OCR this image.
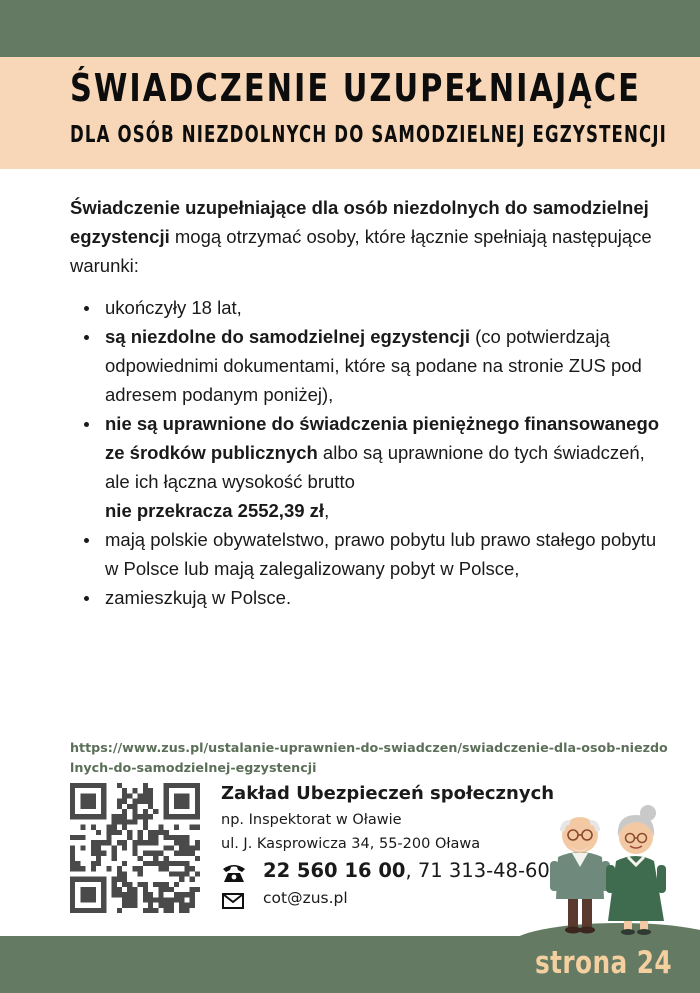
ŚWIADCZENIE UZUPEŁNIAJĄCE
DLA OSÓB NIEZDOLNYCH DO SAMODZIELNEJ EGZYSTENCJI

Świadczenie uzupełniające dla osób niezdolnych do samodzielnej egzystencji mogą otrzymać osoby, które łącznie spełniają następujące warunki:

ukończyły 18 lat,
są niezdolne do samodzielnej egzystencji (co potwierdzają odpowiednimi dokumentami, które są podane na stronie ZUS pod adresem podanym poniżej),
nie są uprawnione do świadczenia pieniężnego finansowanego ze środków publicznych albo są uprawnione do tych świadczeń, ale ich łączna wysokość brutto
nie przekracza 2552,39 zł,
mają polskie obywatelstwo, prawo pobytu lub prawo stałego pobytu w Polsce lub mają zalegalizowany pobyt w Polsce,
zamieszkują w Polsce.
https://www.zus.pl/ustalanie-uprawnien-do-swiadczen/swiadczenie-dla-osob-niezdolnych-do-samodzielnej-egzystencji

Zakład Ubezpieczeń społecznych

np. Inspektorat w Oławie

ul. J. Kasprowicza 34, 55-200 Oława

22 560 16 00, 71 313-48-60

cot@zus.pl

strona 24
